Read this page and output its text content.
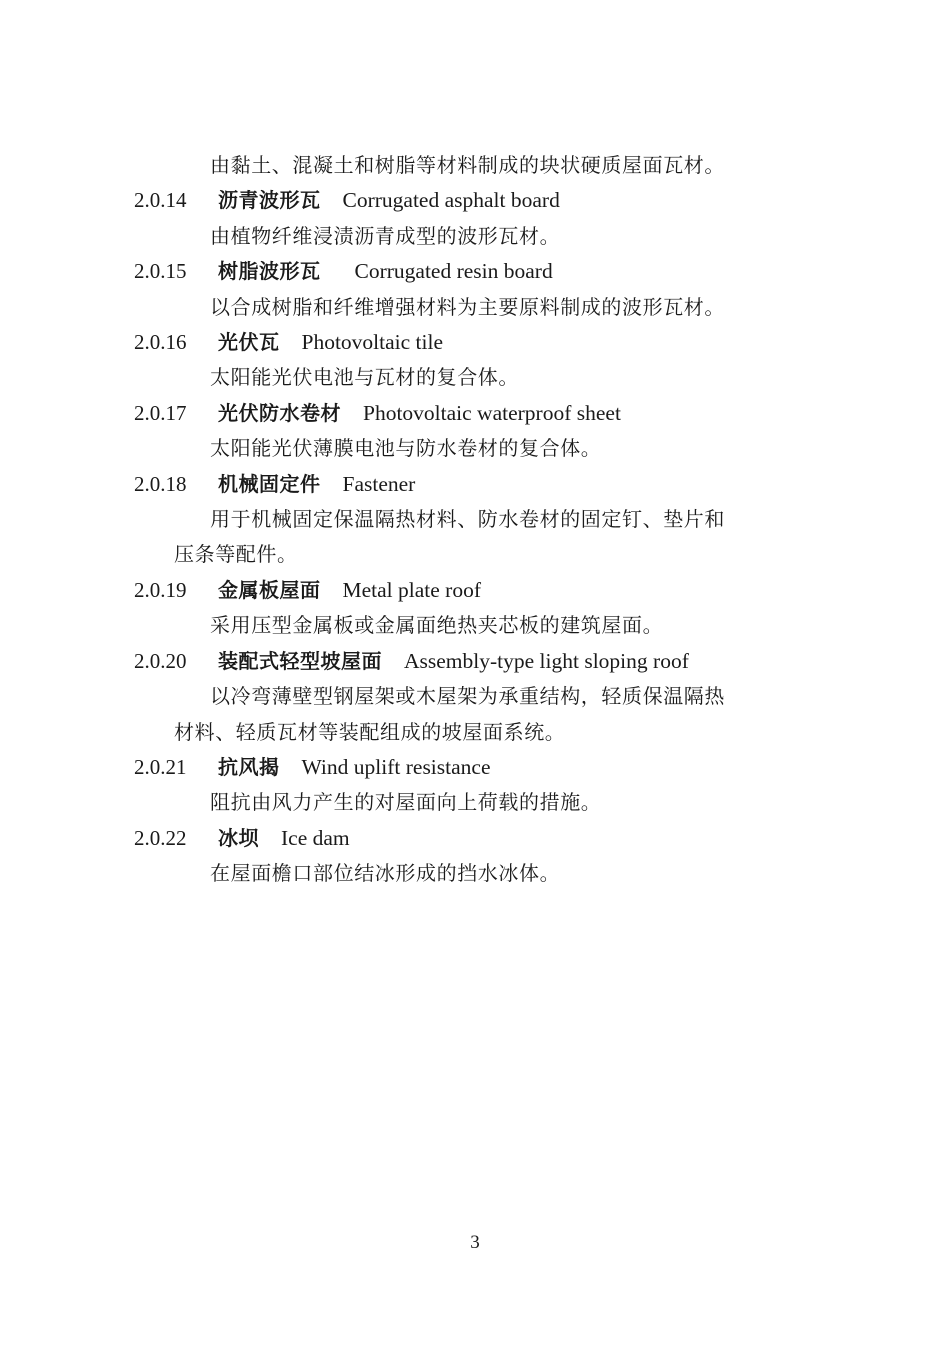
由黏土、混凝土和树脂等材料制成的块状硬质屋面瓦材。
2.0.14 沥青波形瓦 Corrugated asphalt board
由植物纤维浸渍沥青成型的波形瓦材。
2.0.15 树脂波形瓦 Corrugated resin board
以合成树脂和纤维增强材料为主要原料制成的波形瓦材。
2.0.16 光伏瓦 Photovoltaic tile
太阳能光伏电池与瓦材的复合体。
2.0.17 光伏防水卷材 Photovoltaic waterproof sheet
太阳能光伏薄膜电池与防水卷材的复合体。
2.0.18 机械固定件 Fastener
用于机械固定保温隔热材料、防水卷材的固定钉、垫片和
压条等配件。
2.0.19 金属板屋面 Metal plate roof
采用压型金属板或金属面绝热夹芯板的建筑屋面。
2.0.20 装配式轻型坡屋面 Assembly-type light sloping roof
以冷弯薄壁型钢屋架或木屋架为承重结构，轻质保温隔热
材料、轻质瓦材等装配组成的坡屋面系统。
2.0.21 抗风揭 Wind uplift resistance
阻抗由风力产生的对屋面向上荷载的措施。
2.0.22 冰坝 Ice dam
在屋面檐口部位结冰形成的挡水冰体。
3
